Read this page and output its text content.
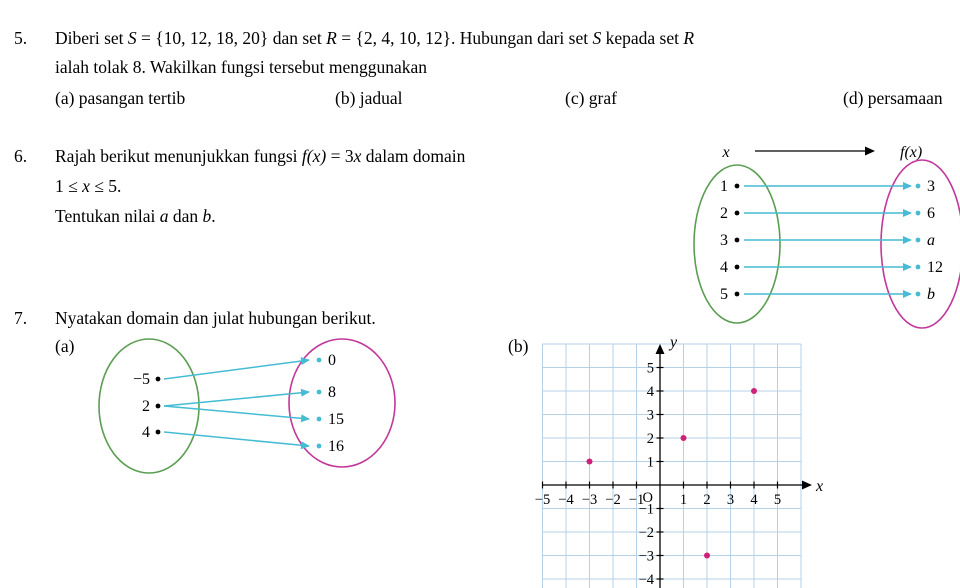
5. Diberi set S = {10, 12, 18, 20} dan set R = {2, 4, 10, 12}. Hubungan dari set S kepada set R
ialah tolak 8. Wakilkan fungsi tersebut menggunakan
(a) pasangan tertib	(b) jadual	(c) graf	(d) persamaan
6. Rajah berikut menunjukkan fungsi f(x) = 3x dalam domain
1 ≤ x ≤ 5.
Tentukan nilai a dan b.
x	f(x)
1	3
2	6
3	a
4	12
5	b
7. Nyatakan domain dan julat hubungan berikut.
(a)	(b)
−5
2
4
0
8
15
16
−5 −4 −3 −2 −1 1 2 3 4 5
5
4
3
2
1
−1
−2
−3
−4
x
y
O
